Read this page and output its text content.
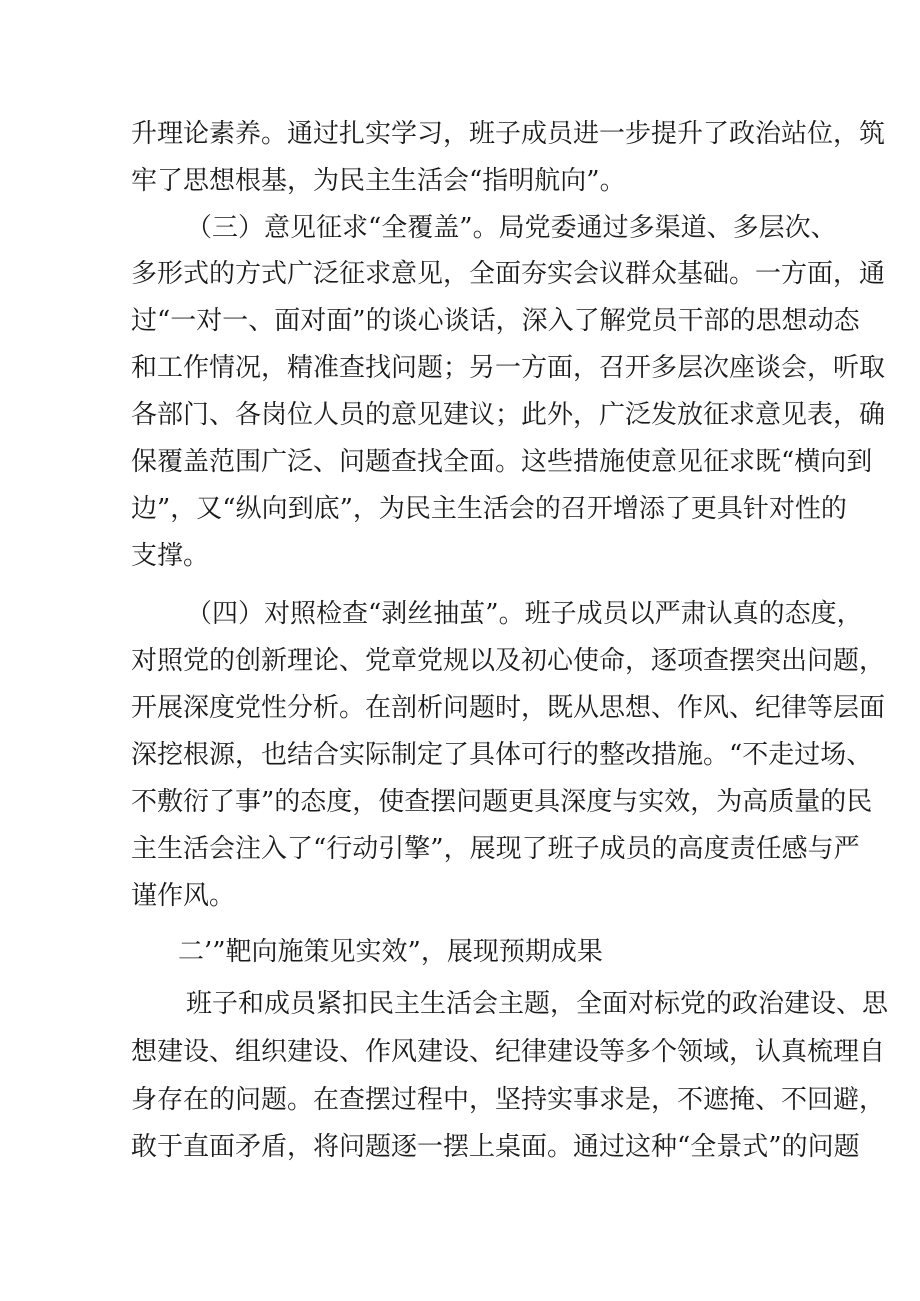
升理论素养。通过扎实学习，班子成员进一步提升了政治站位，筑
牢了思想根基，为民主生活会“指明航向”。
（三）意见征求“全覆盖”。局党委通过多渠道、多层次、
多形式的方式广泛征求意见，全面夯实会议群众基础。一方面，通
过“一对一、面对面”的谈心谈话，深入了解党员干部的思想动态
和工作情况，精准查找问题；另一方面，召开多层次座谈会，听取
各部门、各岗位人员的意见建议；此外，广泛发放征求意见表，确
保覆盖范围广泛、问题查找全面。这些措施使意见征求既“横向到
边”，又“纵向到底”，为民主生活会的召开增添了更具针对性的
支撑。
（四）对照检查“剥丝抽茧”。班子成员以严肃认真的态度，
对照党的创新理论、党章党规以及初心使命，逐项查摆突出问题，
开展深度党性分析。在剖析问题时，既从思想、作风、纪律等层面
深挖根源，也结合实际制定了具体可行的整改措施。“不走过场、
不敷衍了事”的态度，使查摆问题更具深度与实效，为高质量的民
主生活会注入了“行动引擎”，展现了班子成员的高度责任感与严
谨作风。
二’”靶向施策见实效”，展现预期成果
班子和成员紧扣民主生活会主题，全面对标党的政治建设、思
想建设、组织建设、作风建设、纪律建设等多个领域，认真梳理自
身存在的问题。在查摆过程中，坚持实事求是，不遮掩、不回避，
敢于直面矛盾，将问题逐一摆上桌面。通过这种“全景式”的问题
